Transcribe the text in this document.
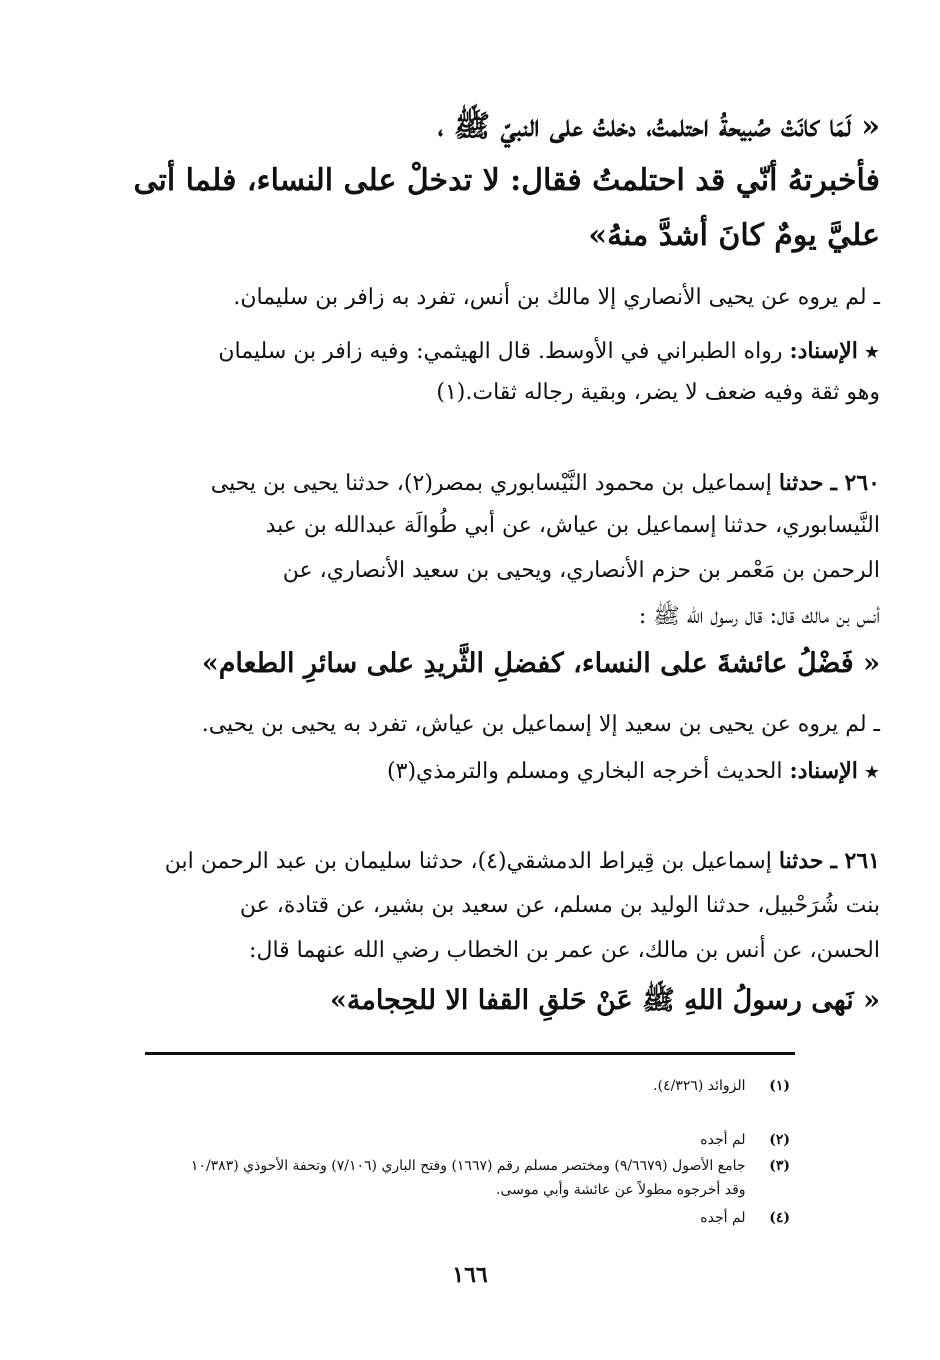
« لَمَا كانَتْ صُبيحةُ احتلمتُ، دخلتُ على النبيّ ﷺ ،
فأخبرتهُ أنّي قد احتلمتُ فقال: لا تدخلْ على النساء، فلما أتى
عليَّ يومٌ كانَ أشدَّ منهُ»
ـ لم يروه عن يحيى الأنصاري إلا مالك بن أنس، تفرد به زافر بن سليمان.
★الإسناد: رواه الطبراني في الأوسط. قال الهيثمي: وفيه زافر بن سليمان
وهو ثقة وفيه ضعف لا يضر، وبقية رجاله ثقات.(١)
٢٦٠ ـ حدثنا إسماعيل بن محمود النَّيْسابوري بمصر(٢)، حدثنا يحيى بن يحيى
النَّيسابوري، حدثنا إسماعيل بن عياش، عن أبي طُوالَة عبدالله بن عبد
الرحمن بن مَعْمر بن حزم الأنصاري، ويحيى بن سعيد الأنصاري، عن
أنس بن مالك قال: قال رسول الله ﷺ :
« فَضْلُ عائشةَ على النساء، كفضلِ الثَّريدِ على سائرِ الطعام»
ـ لم يروه عن يحيى بن سعيد إلا إسماعيل بن عياش، تفرد به يحيى بن يحيى.
★الإسناد: الحديث أخرجه البخاري ومسلم والترمذي(٣)
٢٦١ ـ حدثنا إسماعيل بن قِيراط الدمشقي(٤)، حدثنا سليمان بن عبد الرحمن ابن
بنت شُرَحْبيل، حدثنا الوليد بن مسلم، عن سعيد بن بشير، عن قتادة، عن
الحسن، عن أنس بن مالك، عن عمر بن الخطاب رضي الله عنهما قال:
« نَهى رسولُ اللهِ ﷺ عَنْ حَلقِ القفا الا للحِجامة»
(١) الزوائد (٤/٣٢٦).
(٢) لم أجده
(٣) جامع الأصول (٩/٦٦٧٩) ومختصر مسلم رقم (١٦٦٧) وفتح الباري (٧/١٠٦) وتحفة الأحوذي (١٠/٣٨٣
وقد أخرجوه مطولاً عن عائشة وأبي موسى.
(٤) لم أجده
١٦٦
